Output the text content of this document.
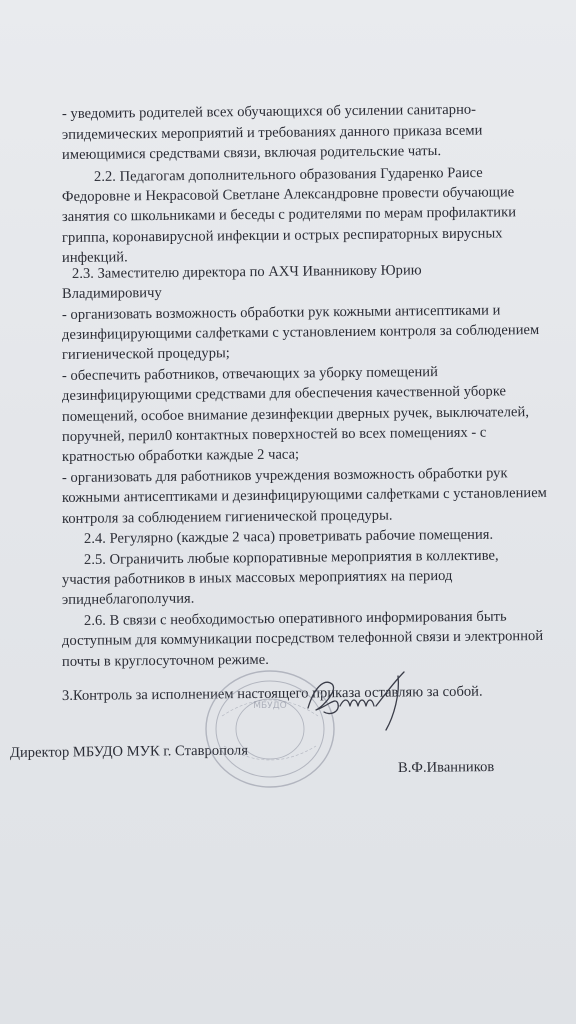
- уведомить родителей всех обучающихся об усилении санитарно-
эпидемических мероприятий и требованиях данного приказа всеми
имеющимися средствами связи, включая родительские чаты.
2.2. Педагогам дополнительного образования Гударенко Раисе
Федоровне и Некрасовой Светлане Александровне провести обучающие
занятия со школьниками и беседы с родителями по мерам профилактики
гриппа, коронавирусной инфекции и острых респираторных вирусных
инфекций.
2.3. Заместителю директора по АХЧ Иванникову Юрию
Владимировичу
- организовать возможность обработки рук кожными антисептиками и
дезинфицирующими салфетками с установлением контроля за соблюдением
гигиенической процедуры;
- обеспечить работников, отвечающих за уборку помещений
дезинфицирующими средствами для обеспечения качественной уборке
помещений, особое внимание дезинфекции дверных ручек, выключателей,
поручней, перил0 контактных поверхностей во всех помещениях - с
кратностью обработки каждые 2 часа;
- организовать для работников учреждения возможность обработки рук
кожными антисептиками и дезинфицирующими салфетками с установлением
контроля за соблюдением гигиенической процедуры.
2.4. Регулярно (каждые 2 часа) проветривать рабочие помещения.
2.5. Ограничить любые корпоративные мероприятия в коллективе,
участия работников в иных массовых мероприятиях на период
эпиднеблагополучия.
2.6. В связи с необходимостью оперативного информирования быть
доступным для коммуникации посредством телефонной связи и электронной
почты в круглосуточном режиме.
3.Контроль за исполнением настоящего приказа оставляю за собой.
Директор МБУДО МУК г. Ставрополя
В.Ф.Иванников
МБУДО
